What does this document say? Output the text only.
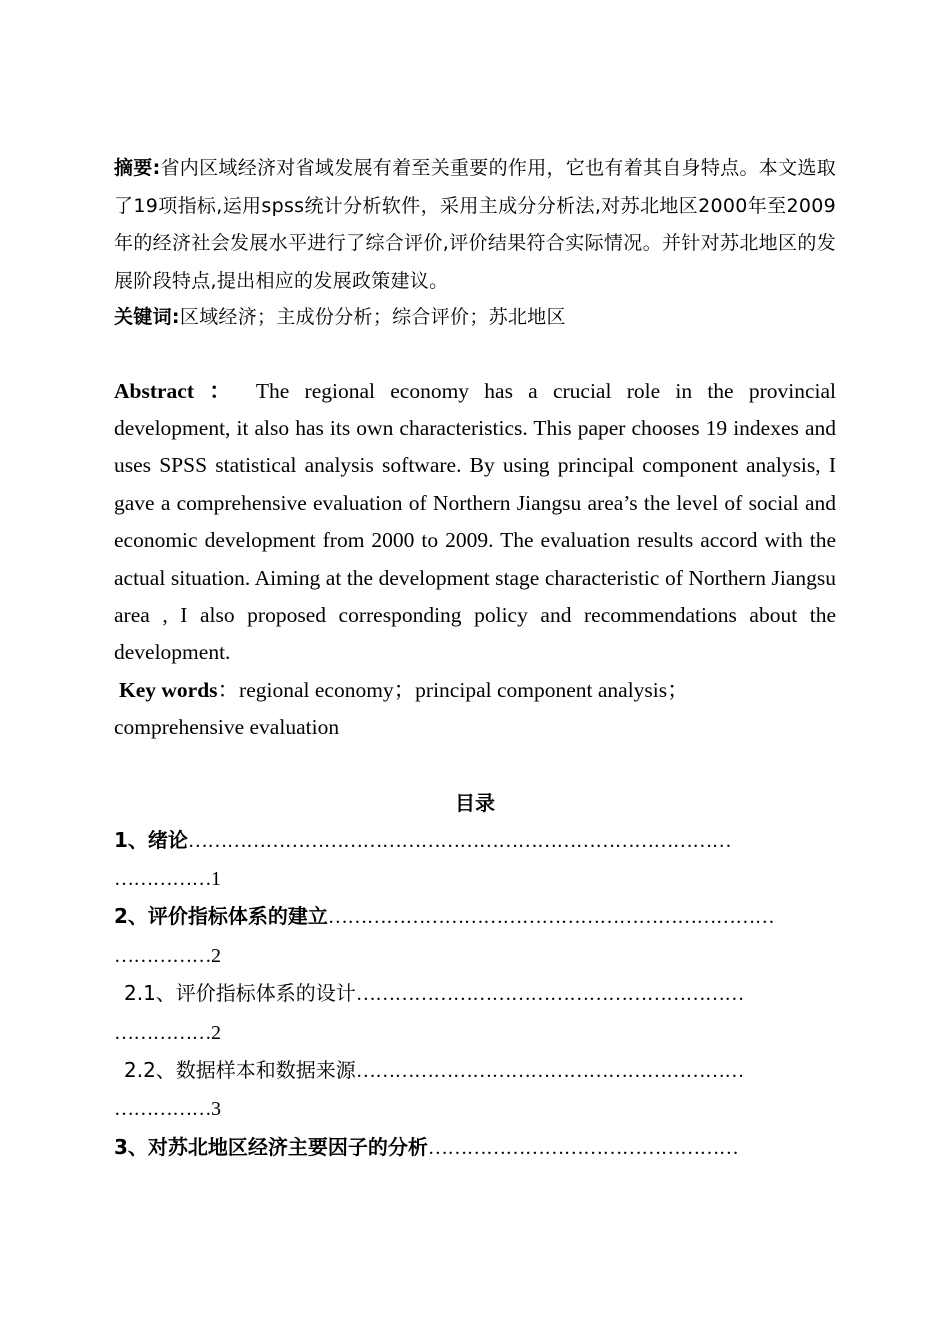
摘要:省内区域经济对省域发展有着至关重要的作用，它也有着其自身特点。本文选取了19项指标,运用spss统计分析软件，采用主成分分析法,对苏北地区2000年至2009年的经济社会发展水平进行了综合评价,评价结果符合实际情况。并针对苏北地区的发展阶段特点,提出相应的发展政策建议。
关键词:区域经济；主成份分析；综合评价；苏北地区
Abstract ： The regional economy has a crucial role in the provincial development, it also has its own characteristics. This paper chooses 19 indexes and uses SPSS statistical analysis software. By using principal component analysis, I gave a comprehensive evaluation of Northern Jiangsu area’s the level of social and economic development from 2000 to 2009. The evaluation results accord with the actual situation. Aiming at the development stage characteristic of Northern Jiangsu area , I also proposed corresponding policy and recommendations about the development.
Key words：regional economy；principal component analysis；
comprehensive evaluation
目录
1、绪论…………………………………………………………………………
……………1
2、评价指标体系的建立……………………………………………………………
……………2
2.1、评价指标体系的设计……………………………………………………
……………2
2.2、数据样本和数据来源……………………………………………………
……………3
3、对苏北地区经济主要因子的分析…………………………………………
